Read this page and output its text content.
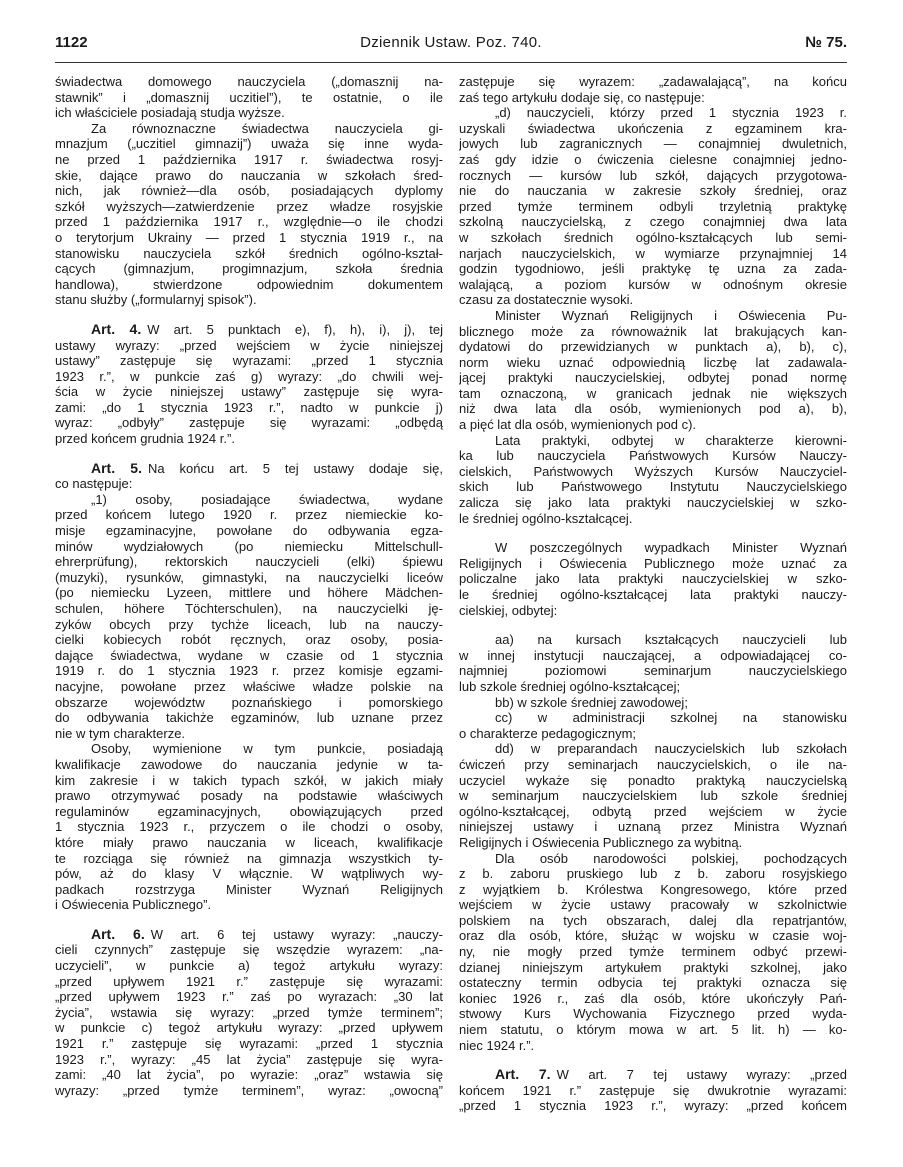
1122	Dziennik Ustaw. Poz. 740.	№ 75.
świadectwa domowego nauczyciela („domasznij na-
stawnik” i „domasznij uczitiel”), te ostatnie, o ile
ich właściciele posiadają studja wyższe.
Za równoznaczne świadectwa nauczyciela gi-
mnazjum („uczitiel gimnazij”) uważa się inne wyda-
ne przed 1 października 1917 r. świadectwa rosyj-
skie, dające prawo do nauczania w szkołach śred-
nich, jak również—dla osób, posiadających dyplomy
szkół wyższych—zatwierdzenie przez władze rosyjskie
przed 1 października 1917 r., względnie—o ile chodzi
o terytorjum Ukrainy — przed 1 stycznia 1919 r., na
stanowisku nauczyciela szkół średnich ogólno-kształ-
cących (gimnazjum, progimnazjum, szkoła średnia
handlowa), stwierdzone odpowiednim dokumentem
stanu służby („formularnyj spisok”).
Art. 4. W art. 5 punktach e), f), h), i), j), tej
ustawy wyrazy: „przed wejściem w życie niniejszej
ustawy” zastępuje się wyrazami: „przed 1 stycznia
1923 r.”, w punkcie zaś g) wyrazy: „do chwili wej-
ścia w życie niniejszej ustawy” zastępuje się wyra-
zami: „do 1 stycznia 1923 r.”, nadto w punkcie j)
wyraz: „odbyły” zastępuje się wyrazami: „odbędą
przed końcem grudnia 1924 r.”.
Art. 5. Na końcu art. 5 tej ustawy dodaje się,
co następuje:
„1) osoby, posiadające świadectwa, wydane
przed końcem lutego 1920 r. przez niemieckie ko-
misje egzaminacyjne, powołane do odbywania egza-
minów wydziałowych (po niemiecku Mittelschull-
ehrerprüfung), rektorskich nauczycieli (elki) śpiewu
(muzyki), rysunków, gimnastyki, na nauczycielki liceów
(po niemiecku Lyzeen, mittlere und höhere Mädchen-
schulen, höhere Töchterschulen), na nauczycielki ję-
zyków obcych przy tychże liceach, lub na nauczy-
cielki kobiecych robót ręcznych, oraz osoby, posia-
dające świadectwa, wydane w czasie od 1 stycznia
1919 r. do 1 stycznia 1923 r. przez komisje egzami-
nacyjne, powołane przez właściwe władze polskie na
obszarze województw poznańskiego i pomorskiego
do odbywania takichże egzaminów, lub uznane przez
nie w tym charakterze.
Osoby, wymienione w tym punkcie, posiadają
kwalifikacje zawodowe do nauczania jedynie w ta-
kim zakresie i w takich typach szkół, w jakich miały
prawo otrzymywać posady na podstawie właściwych
regulaminów egzaminacyjnych, obowiązujących przed
1 stycznia 1923 r., przyczem o ile chodzi o osoby,
które miały prawo nauczania w liceach, kwalifikacje
te rozciąga się również na gimnazja wszystkich ty-
pów, aż do klasy V włącznie. W wątpliwych wy-
padkach rozstrzyga Minister Wyznań Religijnych
i Oświecenia Publicznego”.
Art. 6. W art. 6 tej ustawy wyrazy: „nauczy-
cieli czynnych” zastępuje się wszędzie wyrazem: „na-
uczycieli”, w punkcie a) tegoż artykułu wyrazy:
„przed upływem 1921 r.” zastępuje się wyrazami:
„przed upływem 1923 r.” zaś po wyrazach: „30 lat
życia”, wstawia się wyrazy: „przed tymże terminem”;
w punkcie c) tegoż artykułu wyrazy: „przed upływem
1921 r.” zastępuje się wyrazami: „przed 1 stycznia
1923 r.”, wyrazy: „45 lat życia” zastępuje się wyra-
zami: „40 lat życia”, po wyrazie: „oraz” wstawia się
wyrazy: „przed tymże terminem”, wyraz: „owocną”
zastępuje się wyrazem: „zadawalającą”, na końcu
zaś tego artykułu dodaje się, co następuje:
„d) nauczycieli, którzy przed 1 stycznia 1923 r.
uzyskali świadectwa ukończenia z egzaminem kra-
jowych lub zagranicznych — conajmniej dwuletnich,
zaś gdy idzie o ćwiczenia cielesne conajmniej jedno-
rocznych — kursów lub szkół, dających przygotowa-
nie do nauczania w zakresie szkoły średniej, oraz
przed tymże terminem odbyli trzyletnią praktykę
szkolną nauczycielską, z czego conajmniej dwa lata
w szkołach średnich ogólno-kształcących lub semi-
narjach nauczycielskich, w wymiarze przynajmniej 14
godzin tygodniowo, jeśli praktykę tę uzna za zada-
walającą, a poziom kursów w odnośnym okresie
czasu za dostatecznie wysoki.
Minister Wyznań Religijnych i Oświecenia Pu-
blicznego może za równoważnik lat brakujących kan-
dydatowi do przewidzianych w punktach a), b), c),
norm wieku uznać odpowiednią liczbę lat zadawala-
jącej praktyki nauczycielskiej, odbytej ponad normę
tam oznaczoną, w granicach jednak nie większych
niż dwa lata dla osób, wymienionych pod a), b),
a pięć lat dla osób, wymienionych pod c).
Lata praktyki, odbytej w charakterze kierowni-
ka lub nauczyciela Państwowych Kursów Nauczy-
cielskich, Państwowych Wyższych Kursów Nauczyciel-
skich lub Państwowego Instytutu Nauczycielskiego
zalicza się jako lata praktyki nauczycielskiej w szko-
le średniej ogólno-kształcącej.
W poszczególnych wypadkach Minister Wyznań
Religijnych i Oświecenia Publicznego może uznać za
policzalne jako lata praktyki nauczycielskiej w szko-
le średniej ogólno-kształcącej lata praktyki nauczy-
cielskiej, odbytej:
aa) na kursach kształcących nauczycieli lub
w innej instytucji nauczającej, a odpowiadającej co-
najmniej poziomowi seminarjum nauczycielskiego
lub szkole średniej ogólno-kształcącej;
bb) w szkole średniej zawodowej;
cc) w administracji szkolnej na stanowisku
o charakterze pedagogicznym;
dd) w preparandach nauczycielskich lub szkołach
ćwiczeń przy seminarjach nauczycielskich, o ile na-
uczyciel wykaże się ponadto praktyką nauczycielską
w seminarjum nauczycielskiem lub szkole średniej
ogólno-kształcącej, odbytą przed wejściem w życie
niniejszej ustawy i uznaną przez Ministra Wyznań
Religijnych i Oświecenia Publicznego za wybitną.
Dla osób narodowości polskiej, pochodzących
z b. zaboru pruskiego lub z b. zaboru rosyjskiego
z wyjątkiem b. Królestwa Kongresowego, które przed
wejściem w życie ustawy pracowały w szkolnictwie
polskiem na tych obszarach, dalej dla repatrjantów,
oraz dla osób, które, służąc w wojsku w czasie woj-
ny, nie mogły przed tymże terminem odbyć przewi-
dzianej niniejszym artykułem praktyki szkolnej, jako
ostateczny termin odbycia tej praktyki oznacza się
koniec 1926 r., zaś dla osób, które ukończyły Pań-
stwowy Kurs Wychowania Fizycznego przed wyda-
niem statutu, o którym mowa w art. 5 lit. h) — ko-
niec 1924 r.”.
Art. 7. W art. 7 tej ustawy wyrazy: „przed
końcem 1921 r.” zastępuje się dwukrotnie wyrazami:
„przed 1 stycznia 1923 r.”, wyrazy: „przed końcem
